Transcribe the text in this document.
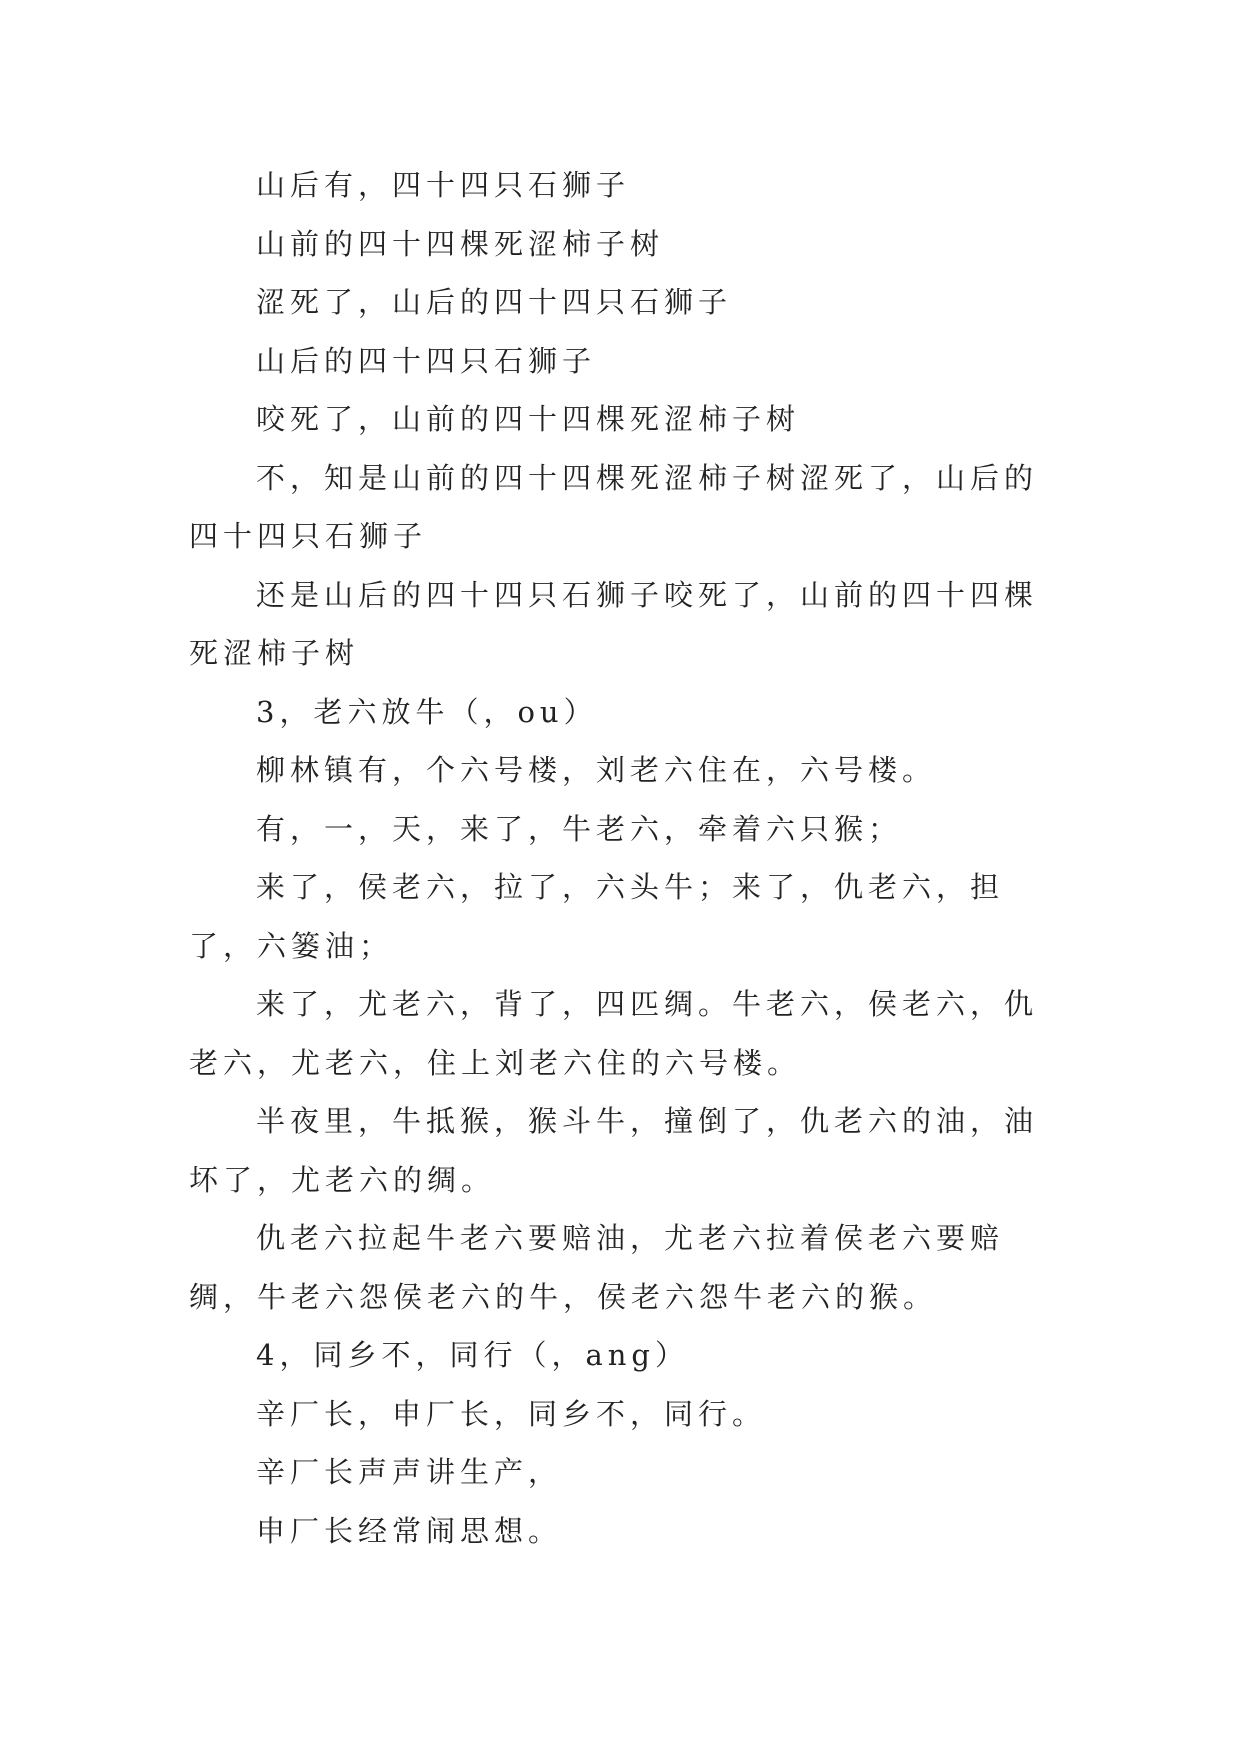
山后有，四十四只石狮子

山前的四十四棵死涩柿子树

涩死了，山后的四十四只石狮子

山后的四十四只石狮子

咬死了，山前的四十四棵死涩柿子树

不，知是山前的四十四棵死涩柿子树涩死了，山后的四十四只石狮子

还是山后的四十四只石狮子咬死了，山前的四十四棵死涩柿子树

3，老六放牛（，ou）

柳林镇有，个六号楼，刘老六住在，六号楼。

有，一，天，来了，牛老六，牵着六只猴；

来了，侯老六，拉了，六头牛；来了，仇老六，担了，六篓油；

来了，尤老六，背了，四匹绸。牛老六，侯老六，仇老六，尤老六，住上刘老六住的六号楼。

半夜里，牛抵猴，猴斗牛，撞倒了，仇老六的油，油坏了，尤老六的绸。

仇老六拉起牛老六要赔油，尤老六拉着侯老六要赔绸，牛老六怨侯老六的牛，侯老六怨牛老六的猴。

4，同乡不，同行（，ang）

辛厂长，申厂长，同乡不，同行。

辛厂长声声讲生产，

申厂长经常闹思想。
